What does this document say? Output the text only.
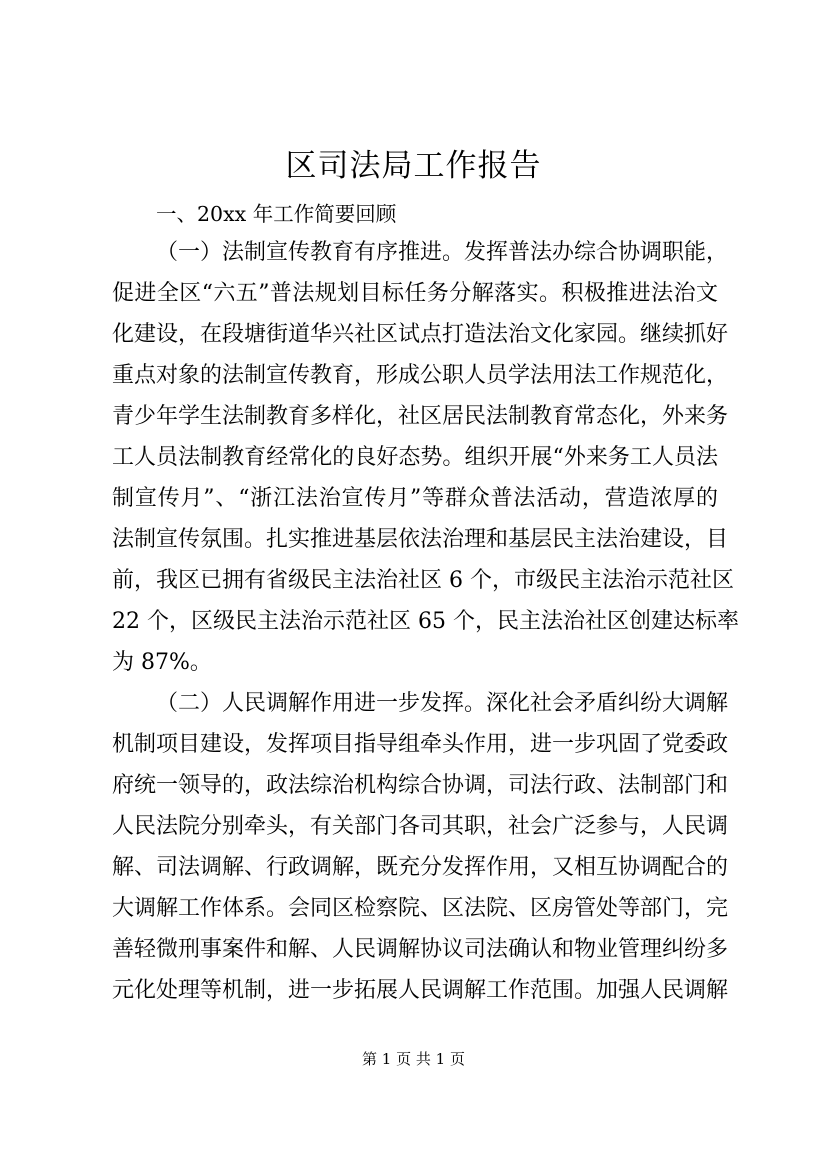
区司法局工作报告

一、20xx 年工作简要回顾

（一）法制宣传教育有序推进。发挥普法办综合协调职能，
促进全区“六五”普法规划目标任务分解落实。积极推进法治文
化建设，在段塘街道华兴社区试点打造法治文化家园。继续抓好
重点对象的法制宣传教育，形成公职人员学法用法工作规范化，
青少年学生法制教育多样化，社区居民法制教育常态化，外来务
工人员法制教育经常化的良好态势。组织开展“外来务工人员法
制宣传月”、“浙江法治宣传月”等群众普法活动，营造浓厚的
法制宣传氛围。扎实推进基层依法治理和基层民主法治建设，目
前，我区已拥有省级民主法治社区 6 个，市级民主法治示范社区
22 个，区级民主法治示范社区 65 个，民主法治社区创建达标率
为 87%。
（二）人民调解作用进一步发挥。深化社会矛盾纠纷大调解
机制项目建设，发挥项目指导组牵头作用，进一步巩固了党委政
府统一领导的，政法综治机构综合协调，司法行政、法制部门和
人民法院分别牵头，有关部门各司其职，社会广泛参与，人民调
解、司法调解、行政调解，既充分发挥作用，又相互协调配合的
大调解工作体系。会同区检察院、区法院、区房管处等部门，完
善轻微刑事案件和解、人民调解协议司法确认和物业管理纠纷多
元化处理等机制，进一步拓展人民调解工作范围。加强人民调解

第 1 页 共 1 页
